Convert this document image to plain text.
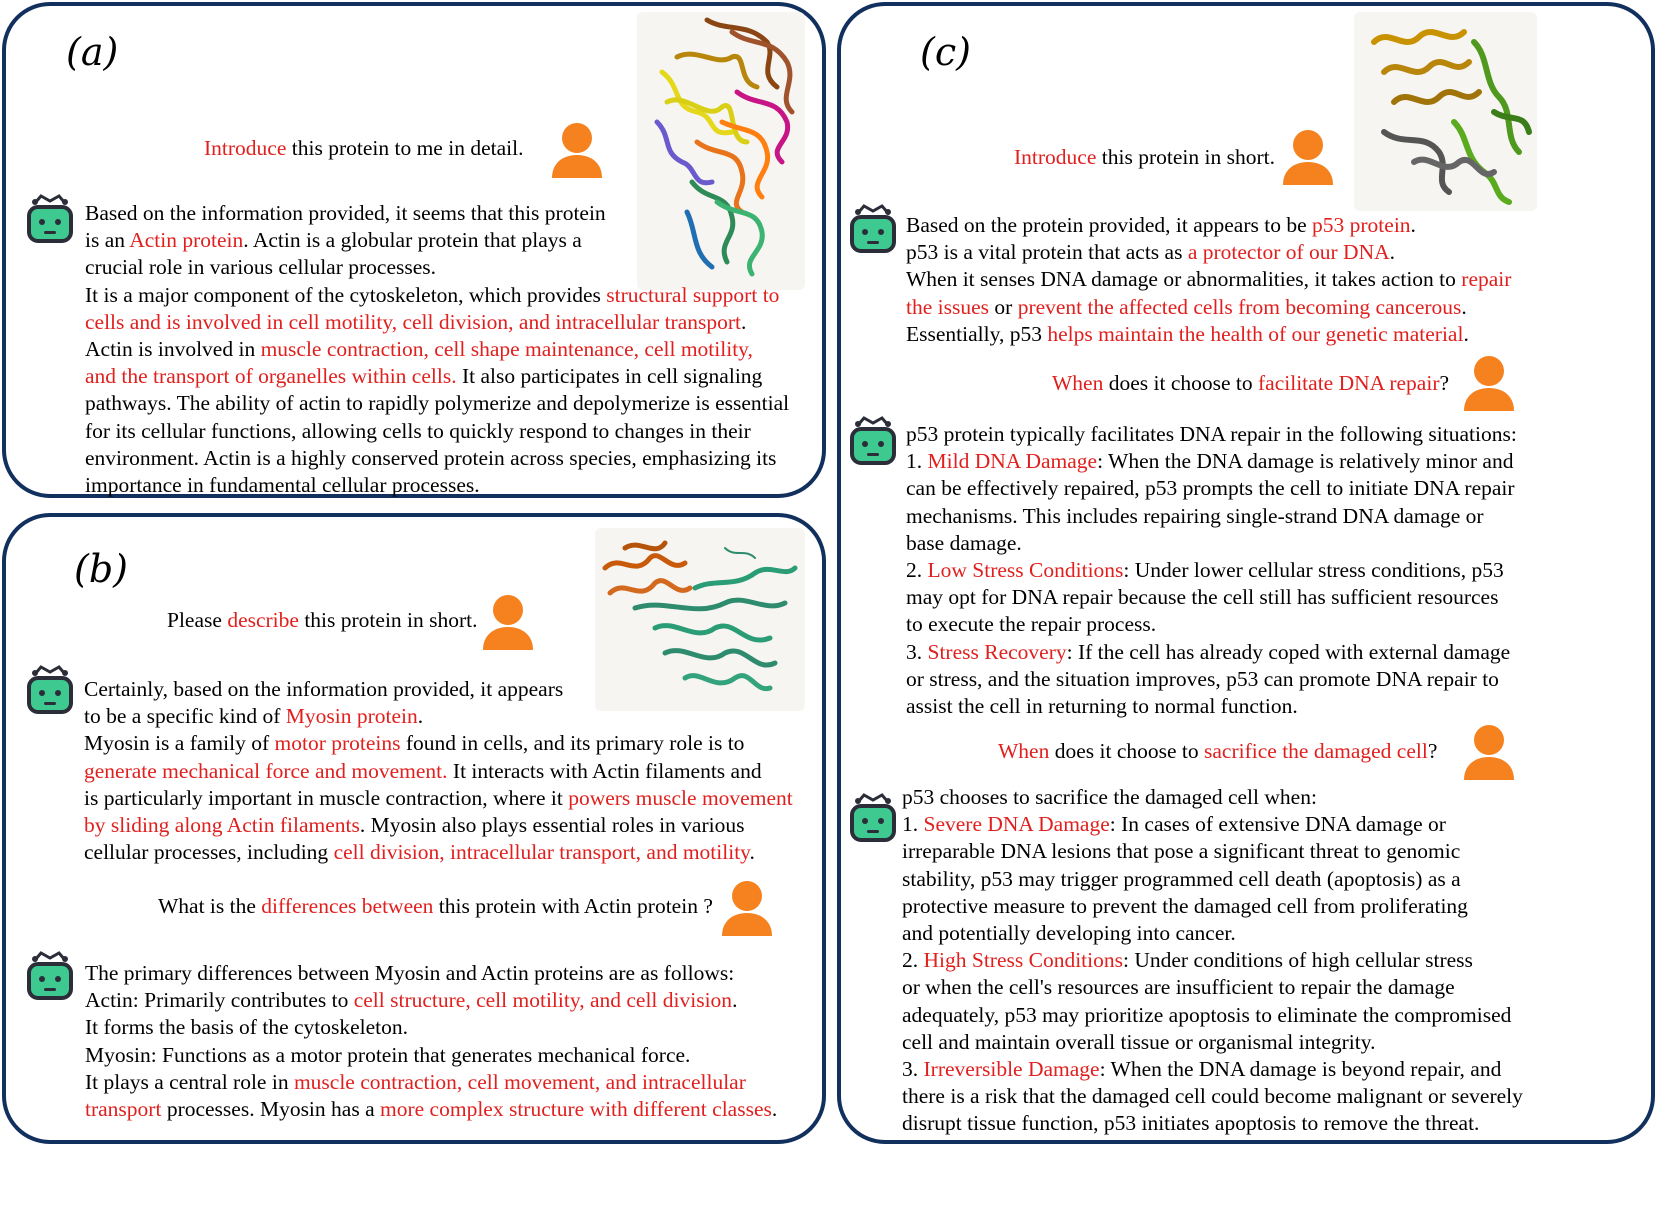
(a)
Introduce this protein to me in detail.
Based on the information provided, it seems that this protein
is an Actin protein. Actin is a globular protein that plays a
crucial role in various cellular processes.
It is a major component of the cytoskeleton, which provides structural support to
cells and is involved in cell motility, cell division, and intracellular transport.
Actin is involved in muscle contraction, cell shape maintenance, cell motility,
and the transport of organelles within cells. It also participates in cell signaling
pathways. The ability of actin to rapidly polymerize and depolymerize is essential
for its cellular functions, allowing cells to quickly respond to changes in their
environment. Actin is a highly conserved protein across species, emphasizing its
importance in fundamental cellular processes.
(b)
Please describe this protein in short.
Certainly, based on the information provided, it appears
to be a specific kind of Myosin protein.
Myosin is a family of motor proteins found in cells, and its primary role is to
generate mechanical force and movement. It interacts with Actin filaments and
is particularly important in muscle contraction, where it powers muscle movement
by sliding along Actin filaments. Myosin also plays essential roles in various
cellular processes, including cell division, intracellular transport, and motility.
What is the differences between this protein with Actin protein ?
The primary differences between Myosin and Actin proteins are as follows:
Actin: Primarily contributes to cell structure, cell motility, and cell division.
It forms the basis of the cytoskeleton.
Myosin: Functions as a motor protein that generates mechanical force.
It plays a central role in muscle contraction, cell movement, and intracellular
transport processes. Myosin has a more complex structure with different classes.
(c)
Introduce this protein in short.
Based on the protein provided, it appears to be p53 protein.
p53 is a vital protein that acts as a protector of our DNA.
When it senses DNA damage or abnormalities, it takes action to repair
the issues or prevent the affected cells from becoming cancerous.
Essentially, p53 helps maintain the health of our genetic material.
When does it choose to facilitate DNA repair?
p53 protein typically facilitates DNA repair in the following situations:
1. Mild DNA Damage: When the DNA damage is relatively minor and
can be effectively repaired, p53 prompts the cell to initiate DNA repair
mechanisms. This includes repairing single-strand DNA damage or
base damage.
2. Low Stress Conditions: Under lower cellular stress conditions, p53
may opt for DNA repair because the cell still has sufficient resources
to execute the repair process.
3. Stress Recovery: If the cell has already coped with external damage
or stress, and the situation improves, p53 can promote DNA repair to
assist the cell in returning to normal function.
When does it choose to sacrifice the damaged cell?
p53 chooses to sacrifice the damaged cell when:
1. Severe DNA Damage: In cases of extensive DNA damage or
irreparable DNA lesions that pose a significant threat to genomic
stability, p53 may trigger programmed cell death (apoptosis) as a
protective measure to prevent the damaged cell from proliferating
and potentially developing into cancer.
2. High Stress Conditions: Under conditions of high cellular stress
or when the cell's resources are insufficient to repair the damage
adequately, p53 may prioritize apoptosis to eliminate the compromised
cell and maintain overall tissue or organismal integrity.
3. Irreversible Damage: When the DNA damage is beyond repair, and
there is a risk that the damaged cell could become malignant or severely
disrupt tissue function, p53 initiates apoptosis to remove the threat.
